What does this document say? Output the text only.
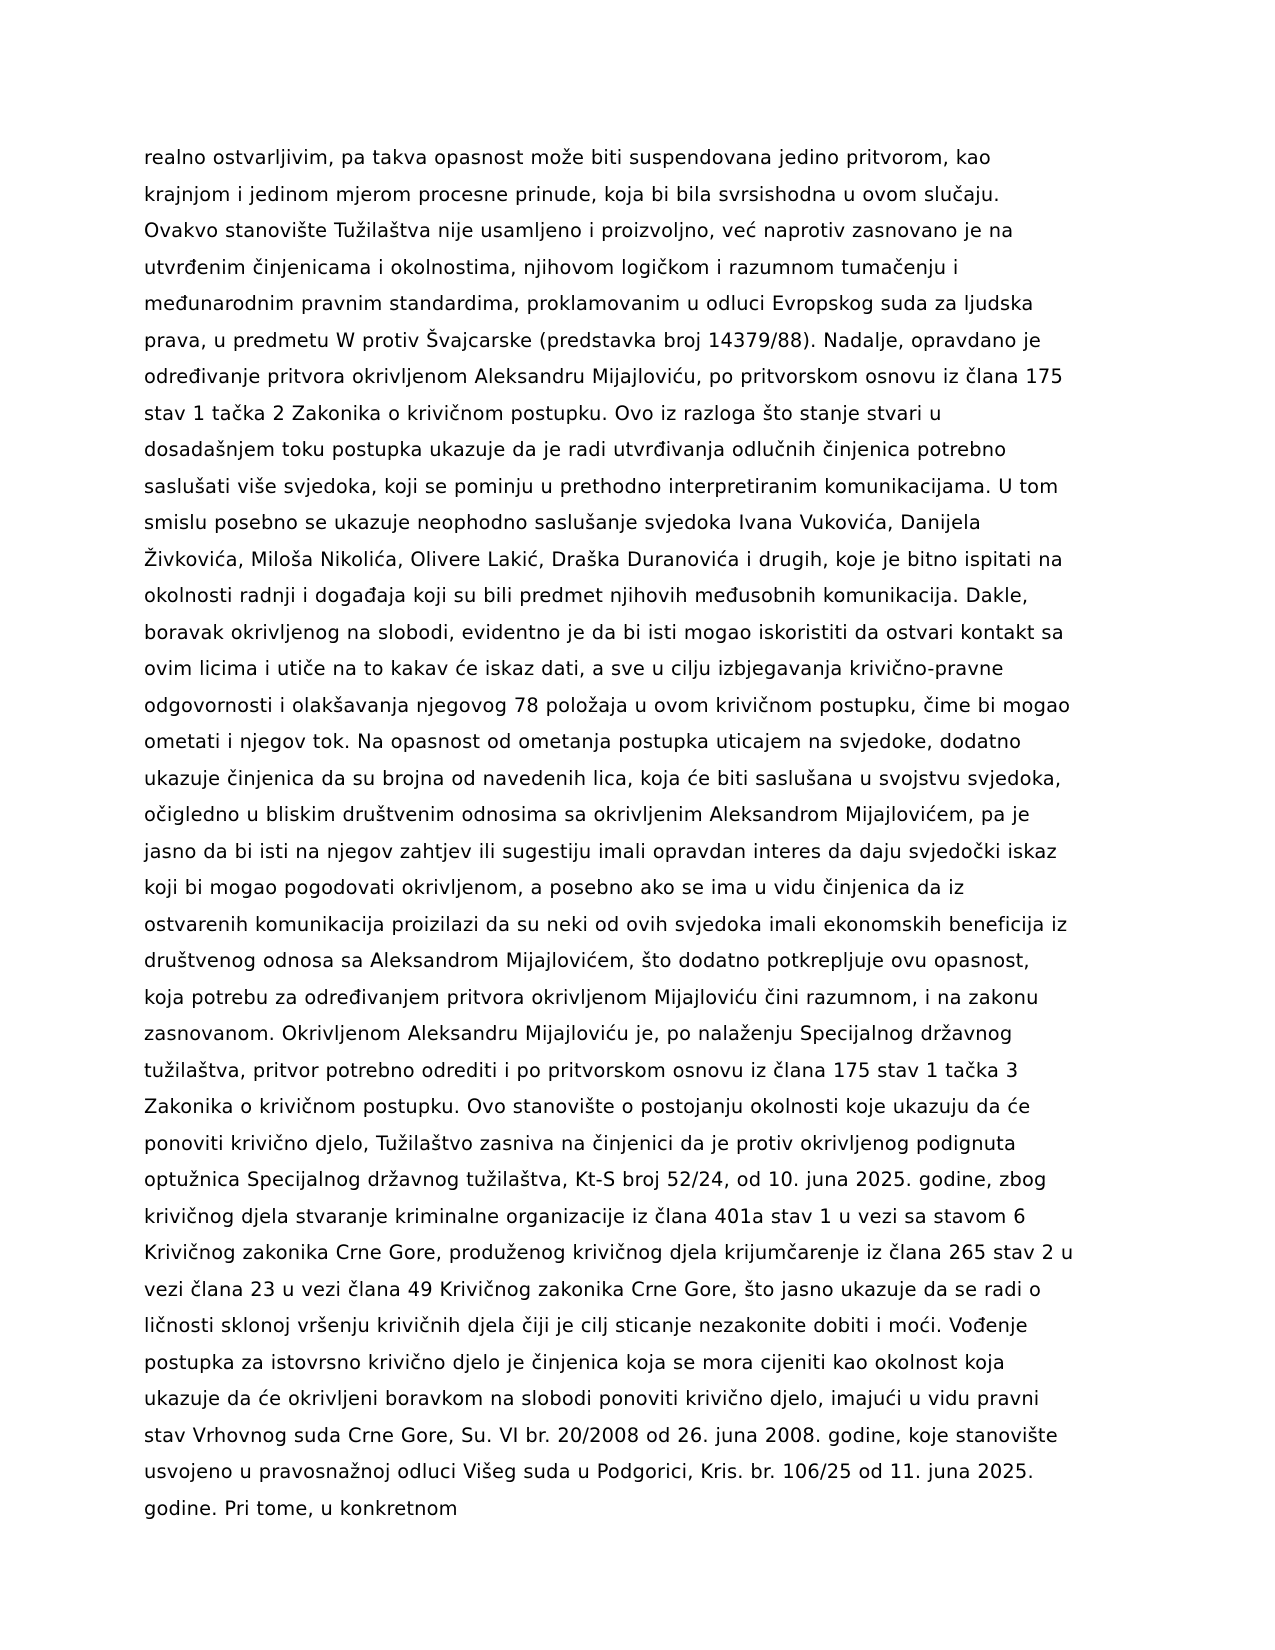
realno ostvarljivim, pa takva opasnost može biti suspendovana jedino pritvorom, kao krajnjom i jedinom mjerom procesne prinude, koja bi bila svrsishodna u ovom slučaju. Ovakvo stanovište Tužilaštva nije usamljeno i proizvoljno, već naprotiv zasnovano je na utvrđenim činjenicama i okolnostima, njihovom logičkom i razumnom tumačenju i međunarodnim pravnim standardima, proklamovanim u odluci Evropskog suda za ljudska prava, u predmetu W protiv Švajcarske (predstavka broj 14379/88). Nadalje, opravdano je određivanje pritvora okrivljenom Aleksandru Mijajloviću, po pritvorskom osnovu iz člana 175 stav 1 tačka 2 Zakonika o krivičnom postupku. Ovo iz razloga što stanje stvari u dosadašnjem toku postupka ukazuje da je radi utvrđivanja odlučnih činjenica potrebno saslušati više svjedoka, koji se pominju u prethodno interpretiranim komunikacijama. U tom smislu posebno se ukazuje neophodno saslušanje svjedoka Ivana Vukovića, Danijela Živkovića, Miloša Nikolića, Olivere Lakić, Draška Duranovića i drugih, koje je bitno ispitati na okolnosti radnji i događaja koji su bili predmet njihovih međusobnih komunikacija. Dakle, boravak okrivljenog na slobodi, evidentno je da bi isti mogao iskoristiti da ostvari kontakt sa ovim licima i utiče na to kakav će iskaz dati, a sve u cilju izbjegavanja krivično-pravne odgovornosti i olakšavanja njegovog 78 položaja u ovom krivičnom postupku, čime bi mogao ometati i njegov tok. Na opasnost od ometanja postupka uticajem na svjedoke, dodatno ukazuje činjenica da su brojna od navedenih lica, koja će biti saslušana u svojstvu svjedoka, očigledno u bliskim društvenim odnosima sa okrivljenim Aleksandrom Mijajlovićem, pa je jasno da bi isti na njegov zahtjev ili sugestiju imali opravdan interes da daju svjedočki iskaz koji bi mogao pogodovati okrivljenom, a posebno ako se ima u vidu činjenica da iz ostvarenih komunikacija proizilazi da su neki od ovih svjedoka imali ekonomskih beneficija iz društvenog odnosa sa Aleksandrom Mijajlovićem, što dodatno potkrepljuje ovu opasnost, koja potrebu za određivanjem pritvora okrivljenom Mijajloviću čini razumnom, i na zakonu zasnovanom. Okrivljenom Aleksandru Mijajloviću je, po nalaženju Specijalnog državnog tužilaštva, pritvor potrebno odrediti i po pritvorskom osnovu iz člana 175 stav 1 tačka 3 Zakonika o krivičnom postupku. Ovo stanovište o postojanju okolnosti koje ukazuju da će ponoviti krivično djelo, Tužilaštvo zasniva na činjenici da je protiv okrivljenog podignuta optužnica Specijalnog državnog tužilaštva, Kt-S broj 52/24, od 10. juna 2025. godine, zbog krivičnog djela stvaranje kriminalne organizacije iz člana 401a stav 1 u vezi sa stavom 6 Krivičnog zakonika Crne Gore, produženog krivičnog djela krijumčarenje iz člana 265 stav 2 u vezi člana 23 u vezi člana 49 Krivičnog zakonika Crne Gore, što jasno ukazuje da se radi o ličnosti sklonoj vršenju krivičnih djela čiji je cilj sticanje nezakonite dobiti i moći. Vođenje postupka za istovrsno krivično djelo je činjenica koja se mora cijeniti kao okolnost koja ukazuje da će okrivljeni boravkom na slobodi ponoviti krivično djelo, imajući u vidu pravni stav Vrhovnog suda Crne Gore, Su. VI br. 20/2008 od 26. juna 2008. godine, koje stanovište usvojeno u pravosnažnoj odluci Višeg suda u Podgorici, Kris. br. 106/25 od 11. juna 2025. godine. Pri tome, u konkretnom
